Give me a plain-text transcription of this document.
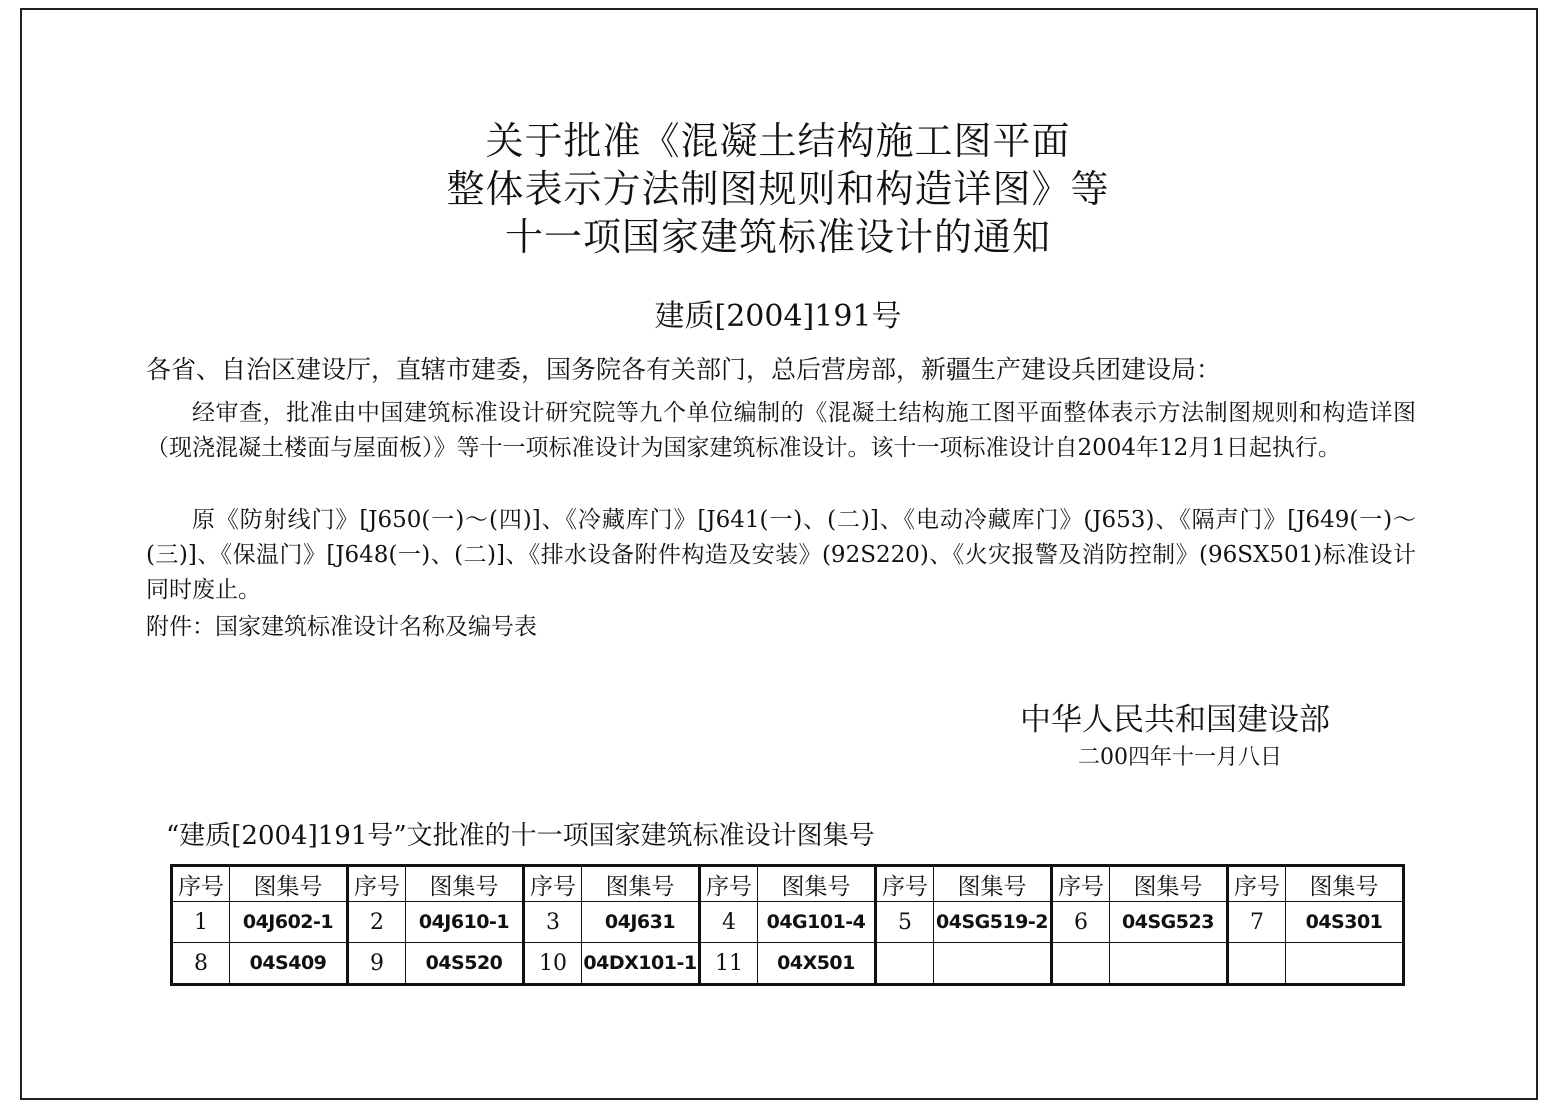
关于批准《混凝土结构施工图平面
整体表示方法制图规则和构造详图》等
十一项国家建筑标准设计的通知
建质[2004]191号
各省、自治区建设厅，直辖市建委，国务院各有关部门，总后营房部，新疆生产建设兵团建设局：
经审查，批准由中国建筑标准设计研究院等九个单位编制的《混凝土结构施工图平面整体表示方法制图规则和构造详图（现浇混凝土楼面与屋面板）》等十一项标准设计为国家建筑标准设计。该十一项标准设计自2004年12月1日起执行。
原《防射线门》[J650(一)～(四)]、《冷藏库门》[J641(一)、(二)]、《电动冷藏库门》(J653)、《隔声门》[J649(一)～(三)]、《保温门》[J648(一)、(二)]、《排水设备附件构造及安装》(92S220)、《火灾报警及消防控制》(96SX501)标准设计同时废止。
附件：国家建筑标准设计名称及编号表
中华人民共和国建设部
二00四年十一月八日
“建质[2004]191号”文批准的十一项国家建筑标准设计图集号
序号	图集号	序号	图集号	序号	图集号	序号	图集号	序号	图集号	序号	图集号	序号	图集号
1	04J602-1	2	04J610-1	3	04J631	4	04G101-4	5	04SG519-2	6	04SG523	7	04S301
8	04S409	9	04S520	10	04DX101-1	11	04X501						
